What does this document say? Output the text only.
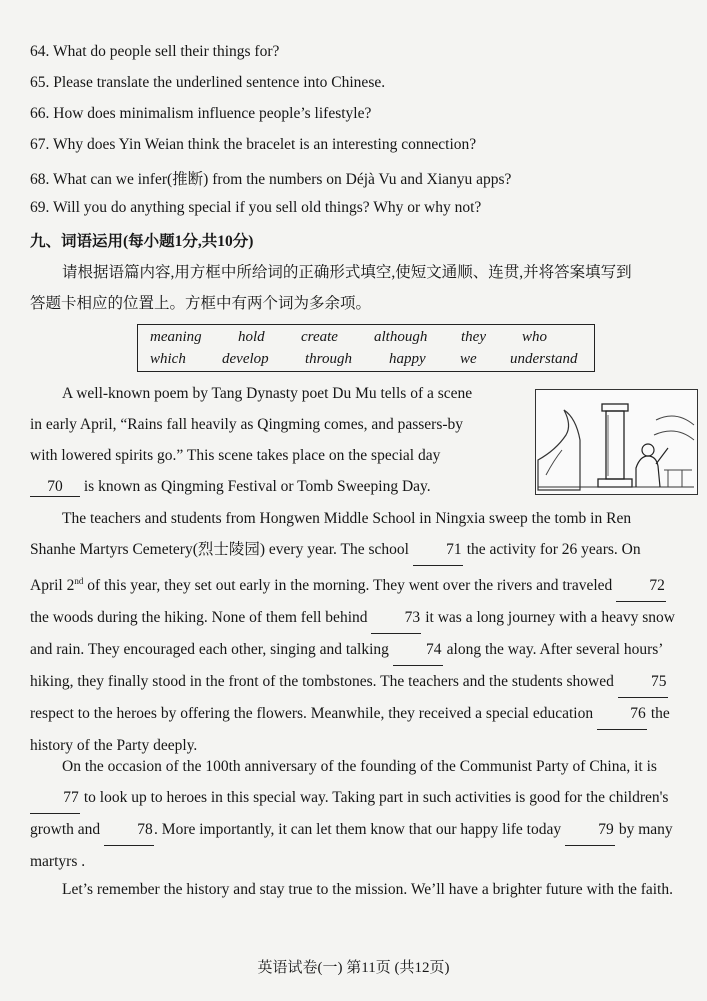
64. What do people sell their things for?
65. Please translate the underlined sentence into Chinese.
66. How does minimalism influence people’s lifestyle?
67. Why does Yin Weian think the bracelet is an interesting connection?
68. What can we infer(推断) from the numbers on Déjà Vu and Xianyu apps?
69. Will you do anything special if you sell old things? Why or why not?
九、词语运用(每小题1分,共10分)
请根据语篇内容,用方框中所给词的正确形式填空,使短文通顺、连贯,并将答案填写到
答题卡相应的位置上。方框中有两个词为多余项。
meaning hold create although they who
which develop through happy we understand
A well-known poem by Tang Dynasty poet Du Mu tells of a scene
in early April, “Rains fall heavily as Qingming comes, and passers-by
with lowered spirits go.” This scene takes place on the special day
70 is known as Qingming Festival or Tomb Sweeping Day.
The teachers and students from Hongwen Middle School in Ningxia sweep the tomb in Ren Shanhe Martyrs Cemetery(烈士陵园) every year. The school 71 the activity for 26 years. On April 2nd of this year, they set out early in the morning. They went over the rivers and traveled 72 the woods during the hiking. None of them fell behind 73 it was a long journey with a heavy snow and rain. They encouraged each other, singing and talking 74 along the way. After several hours’ hiking, they finally stood in the front of the tombstones. The teachers and the students showed 75 respect to the heroes by offering the flowers. Meanwhile, they received a special education 76 the history of the Party deeply.
On the occasion of the 100th anniversary of the founding of the Communist Party of China, it is 77 to look up to heroes in this special way. Taking part in such activities is good for the children's growth and 78. More importantly, it can let them know that our happy life today 79 by many martyrs .
Let’s remember the history and stay true to the mission. We’ll have a brighter future with the faith.
英语试卷(一) 第11页 (共12页)
